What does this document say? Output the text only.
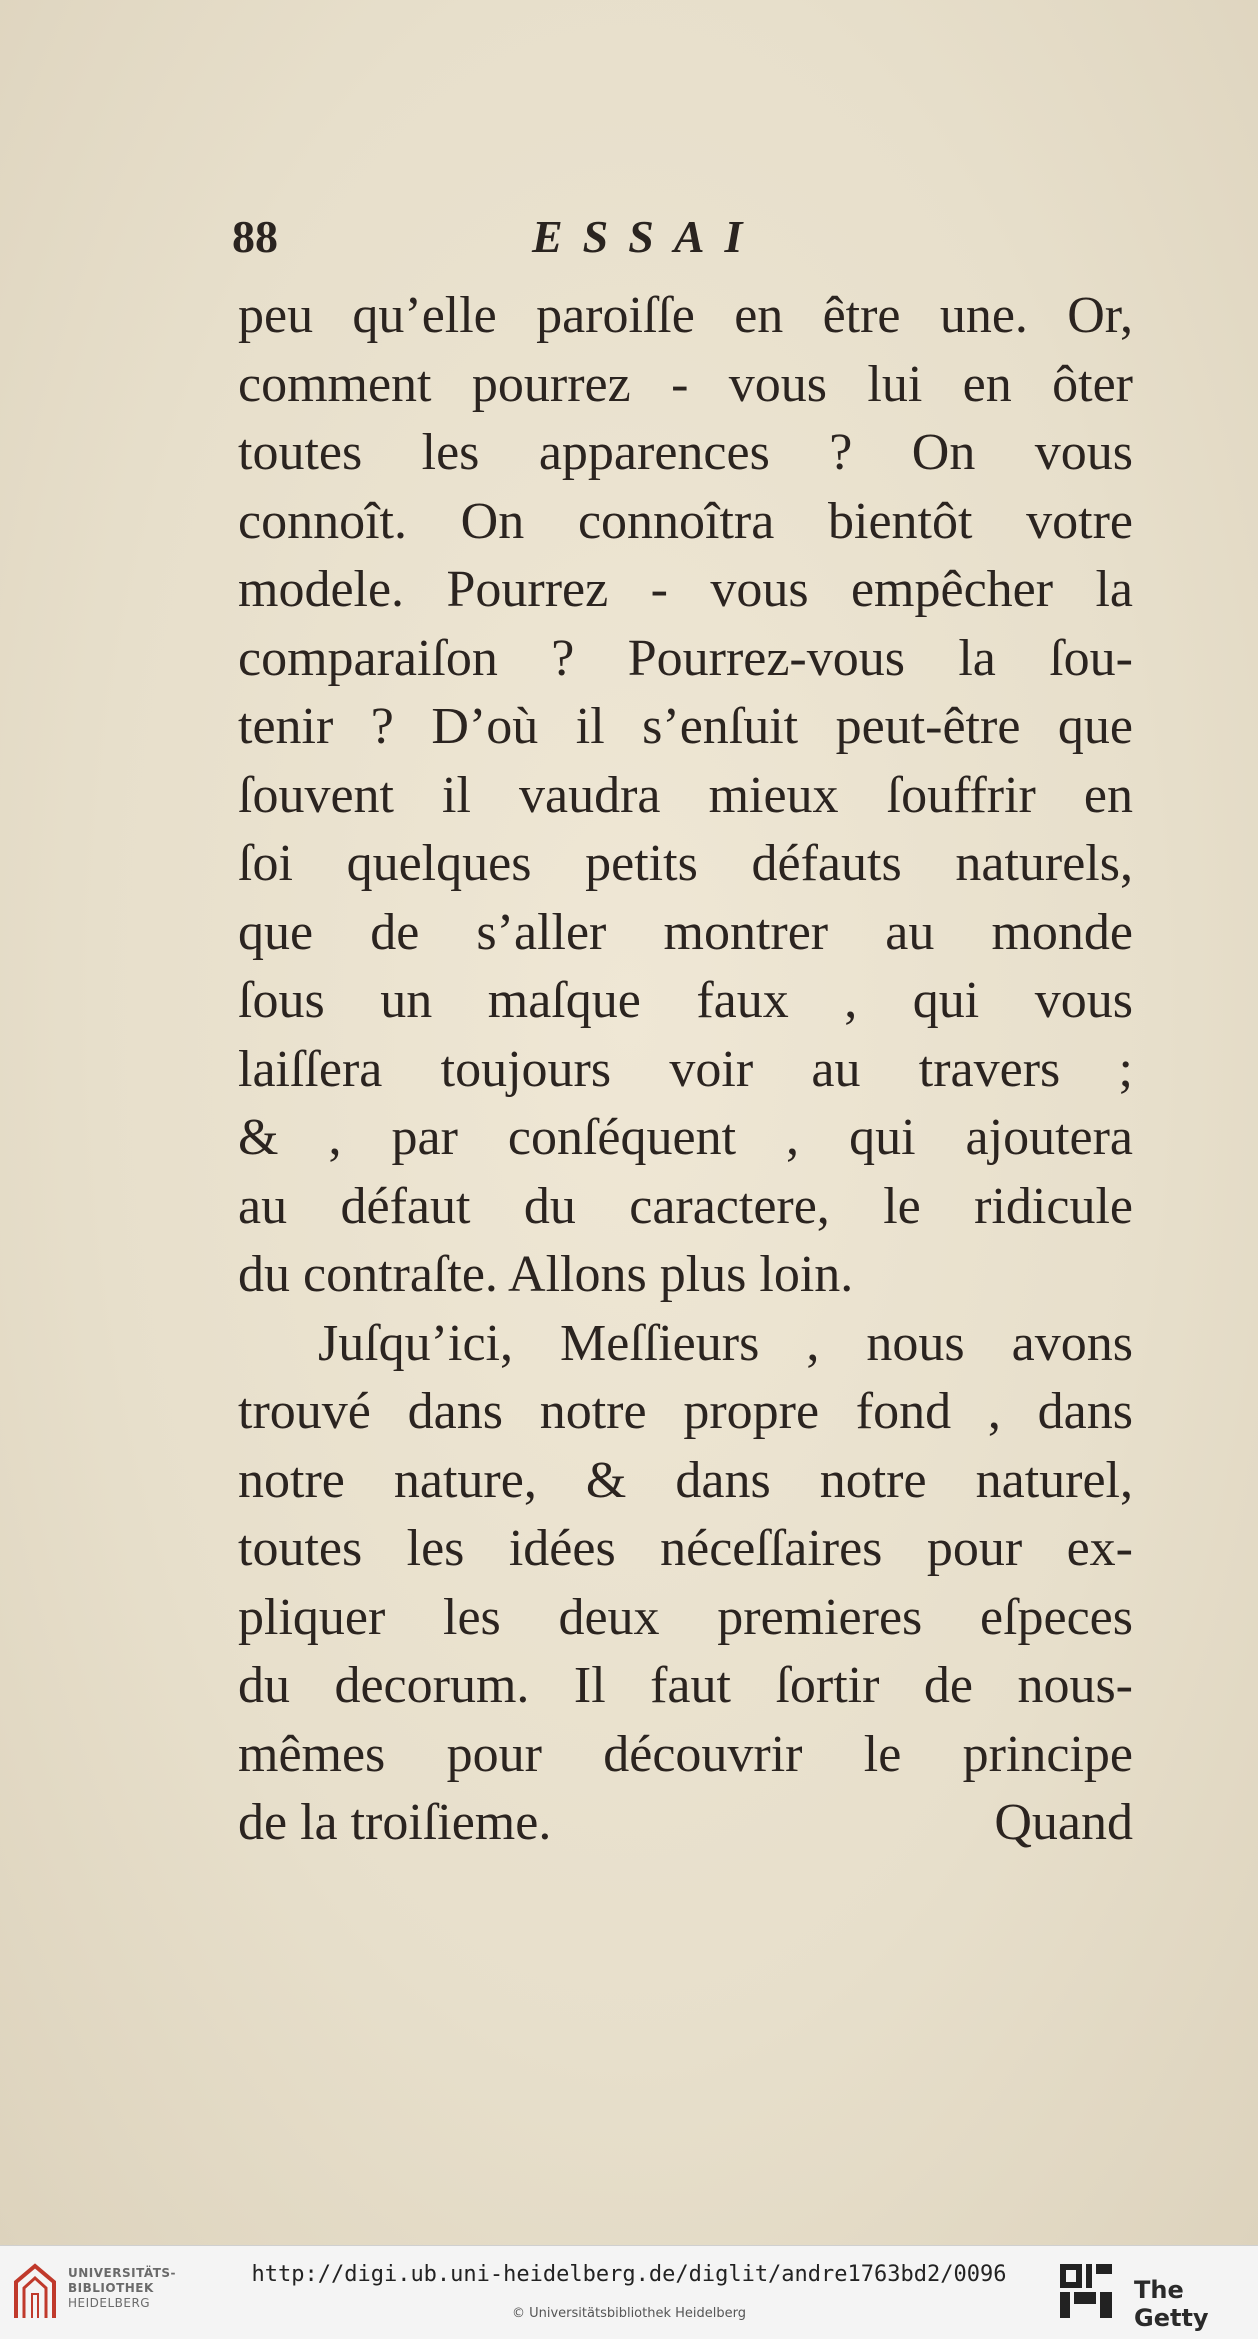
88	ESSAI
peu qu’elle paroiſſe en être une. Or,
comment pourrez - vous lui en ôter
toutes les apparences ? On vous
connoît. On connoîtra bientôt votre
modele. Pourrez - vous empêcher la
comparaiſon ? Pourrez-vous la ſou-
tenir ? D’où il s’enſuit peut-être que
ſouvent il vaudra mieux ſouffrir en
ſoi quelques petits défauts naturels,
que de s’aller montrer au monde
ſous un maſque faux , qui vous
laiſſera toujours voir au travers ;
& , par conſéquent , qui ajoutera
au défaut du caractere, le ridicule
du contraſte. Allons plus loin.
Juſqu’ici, Meſſieurs , nous avons
trouvé dans notre propre fond , dans
notre nature, & dans notre naturel,
toutes les idées néceſſaires pour ex-
pliquer les deux premieres eſpeces
du decorum. Il faut ſortir de nous-
mêmes pour découvrir le principe
de la troiſieme.	Quand
UNIVERSITÄTS-
BIBLIOTHEK
HEIDELBERG
http://digi.ub.uni-heidelberg.de/diglit/andre1763bd2/0096
© Universitätsbibliothek Heidelberg
The Getty
